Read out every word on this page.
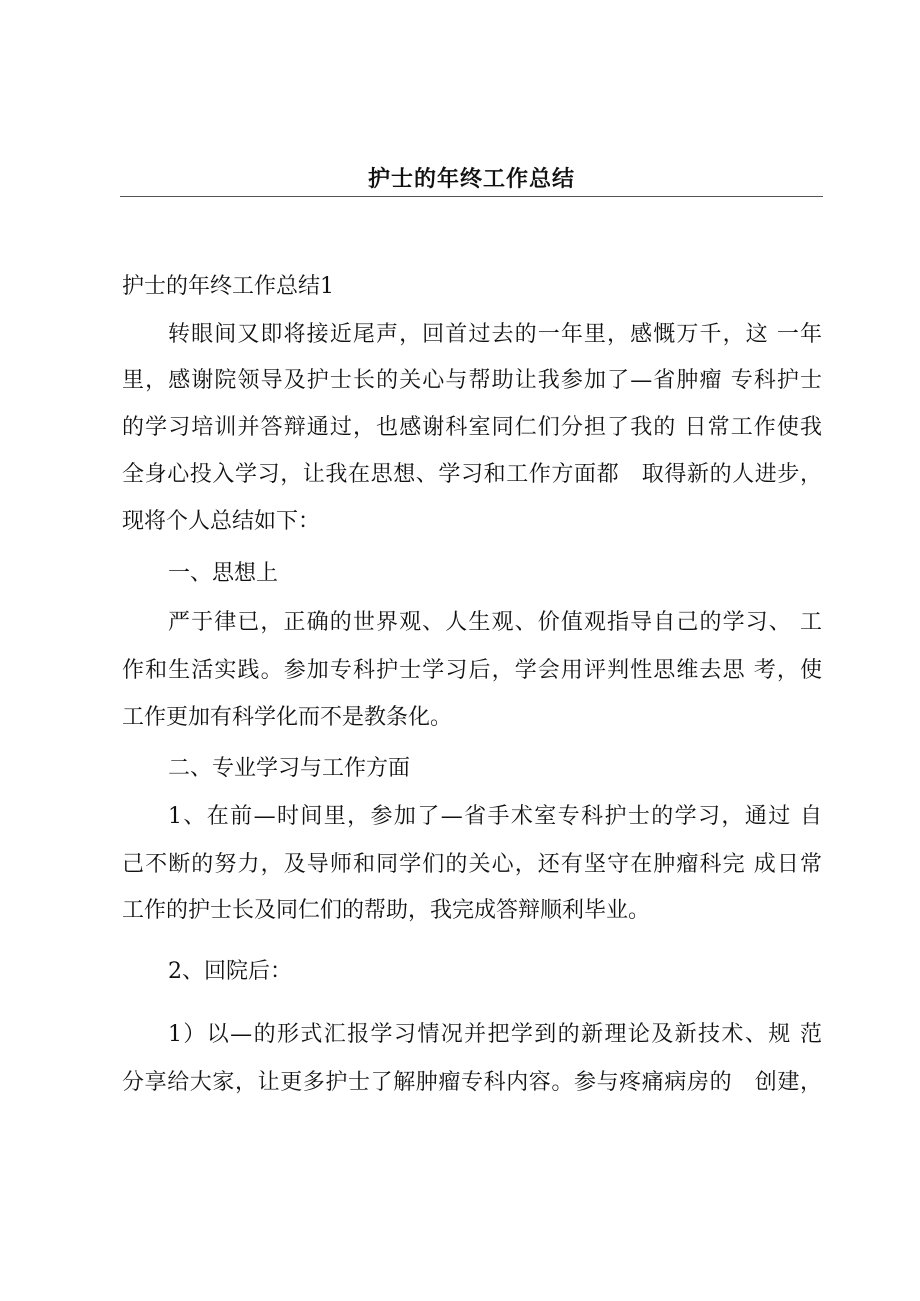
护士的年终工作总结
护士的年终工作总结1
转眼间又即将接近尾声，回首过去的一年里，感慨万千，这 一年
里，感谢院领导及护士长的关心与帮助让我参加了—省肿瘤 专科护士
的学习培训并答辩通过，也感谢科室同仁们分担了我的 日常工作使我
全身心投入学习，让我在思想、学习和工作方面都　取得新的人进步，
现将个人总结如下：
一、思想上
严于律已，正确的世界观、人生观、价值观指导自己的学习、 工
作和生活实践。参加专科护士学习后，学会用评判性思维去思 考，使
工作更加有科学化而不是教条化。
二、专业学习与工作方面
1、在前—时间里，参加了—省手术室专科护士的学习，通过 自
己不断的努力，及导师和同学们的关心，还有坚守在肿瘤科完 成日常
工作的护士长及同仁们的帮助，我完成答辩顺利毕业。
2、回院后：
1）以—的形式汇报学习情况并把学到的新理论及新技术、规 范
分享给大家，让更多护士了解肿瘤专科内容。参与疼痛病房的　创建，
